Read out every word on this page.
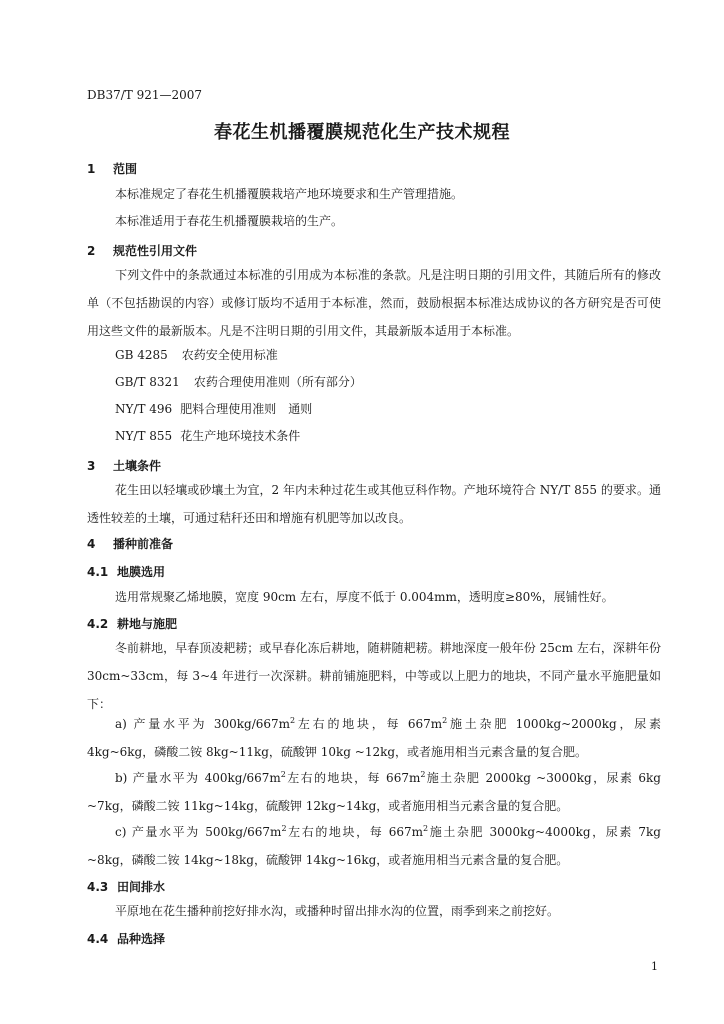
DB37/T 921—2007
春花生机播覆膜规范化生产技术规程
1 范围
本标准规定了春花生机播覆膜栽培产地环境要求和生产管理措施。
本标准适用于春花生机播覆膜栽培的生产。
2 规范性引用文件
下列文件中的条款通过本标准的引用成为本标准的条款。凡是注明日期的引用文件，其随后所有的修改单（不包括勘误的内容）或修订版均不适用于本标准，然而，鼓励根据本标准达成协议的各方研究是否可使用这些文件的最新版本。凡是不注明日期的引用文件，其最新版本适用于本标准。
GB 4285 农药安全使用标准
GB/T 8321 农药合理使用准则（所有部分）
NY/T 496 肥料合理使用准则　通则
NY/T 855 花生产地环境技术条件
3 土壤条件
花生田以轻壤或砂壤土为宜，2 年内未种过花生或其他豆科作物。产地环境符合 NY/T 855 的要求。通透性较差的土壤，可通过秸秆还田和增施有机肥等加以改良。
4 播种前准备
4.1 地膜选用
选用常规聚乙烯地膜，宽度 90cm 左右，厚度不低于 0.004mm，透明度≥80%，展铺性好。
4.2 耕地与施肥
冬前耕地，早春顶凌耙耢；或早春化冻后耕地，随耕随耙耢。耕地深度一般年份 25cm 左右，深耕年份 30cm~33cm，每 3~4 年进行一次深耕。耕前铺施肥料，中等或以上肥力的地块，不同产量水平施肥量如下：
a) 产量水平为 $300kg/667m^2$左右的地块，每 $667m^2$施土杂肥 1000kg~2000kg，尿素 4kg~6kg，磷酸二铵 8kg~11kg，硫酸钾 10kg ~12kg，或者施用相当元素含量的复合肥。
b) 产量水平为 $400kg/667m^2$左右的地块，每 $667m^2$施土杂肥 2000kg ~3000kg，尿素 6kg ~7kg，磷酸二铵 11kg~14kg，硫酸钾 12kg~14kg，或者施用相当元素含量的复合肥。
c) 产量水平为 $500kg/667m^2$左右的地块，每 $667m^2$施土杂肥 3000kg~4000kg，尿素 7kg ~8kg，磷酸二铵 14kg~18kg，硫酸钾 14kg~16kg，或者施用相当元素含量的复合肥。
4.3 田间排水
平原地在花生播种前挖好排水沟，或播种时留出排水沟的位置，雨季到来之前挖好。
4.4 品种选择
1
